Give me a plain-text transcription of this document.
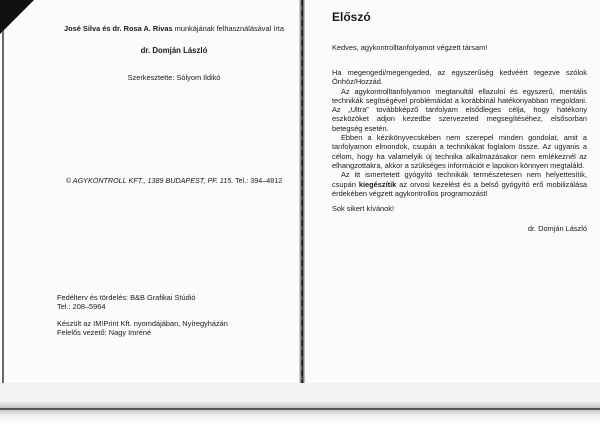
José Silva és dr. Rosa A. Rivas munkájának felhasználásával írta
dr. Domján László
Szerkesztette: Sólyom Ildikó
© AGYKONTROLL KFT., 1389 BUDAPEST, PF. 115. Tel.: 394–4812

Fedélterv és tördelés: B&B Grafikai Stúdió

Tel.: 208–5964

Készült az IM!Print Kft. nyomdájában, Nyíregyházán

Felelős vezető: Nagy Imréné

Előszó
Kedves, agykontrolltanfolyamot végzett társam!

Ha megengedi/megengeded, az egyszerűség kedvéért tegezve szólok Önhöz/Hozzád.

Az agykontrolltanfolyamon megtanultál ellazulni és egyszerű, mentális technikák segítségével problémáidat a korábbinál hatékonyabban megoldani. Az „Ultra” továbbképző tanfolyam elsődleges célja, hogy hatékony eszközöket adjon kezedbe szervezeted megsegítéséhez, elsősorban betegség esetén.

Ebben a kézikönyvecskében nem szerepel minden gondolat, amit a tanfolyamon elmondok, csupán a technikákat foglalom össze. Az ugyanis a célom, hogy ha valamelyik új technika alkalmazásakor nem emlékeznél az elhangzottakra, akkor a szükséges információt e lapokon könnyen megtaláld.

Az itt ismertetett gyógyító technikák természetesen nem helyettesítik, csupán kiegészítik az orvosi kezelést és a belső gyógyító erő mobilizálása érdekében végzett agykontrollos programozást!

Sok sikert kívánok!
dr. Domján László
